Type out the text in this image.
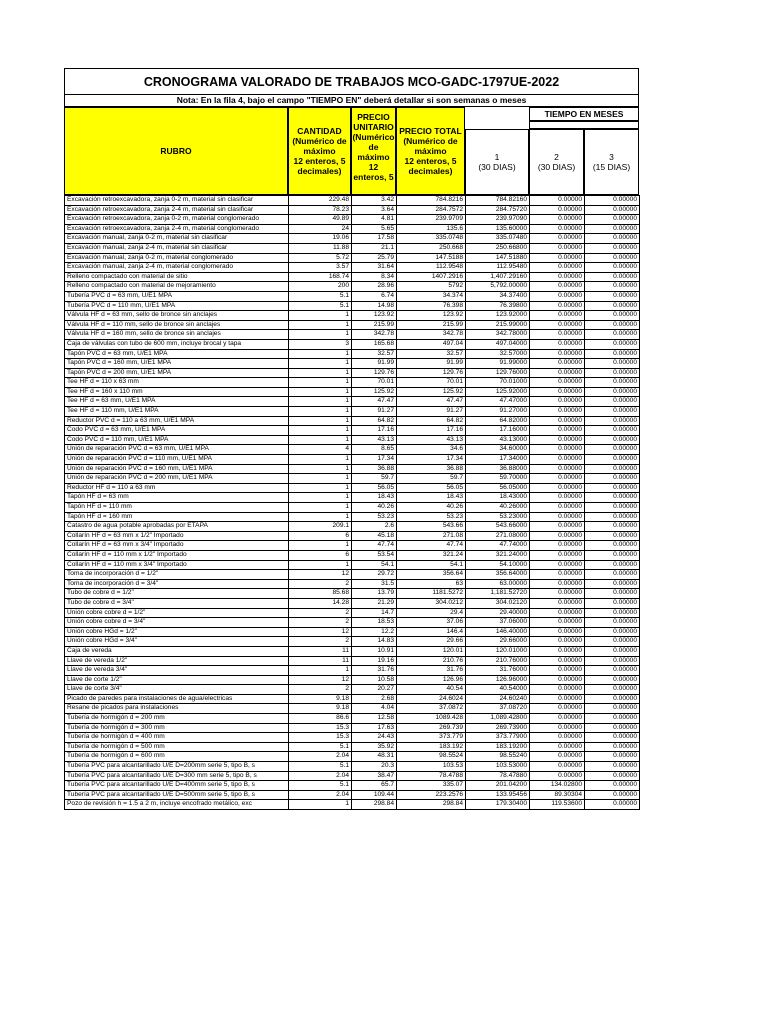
CRONOGRAMA VALORADO DE TRABAJOS MCO-GADC-1797UE-2022
Nota: En la fila 4, bajo el campo "TIEMPO EN" deberá detallar si son semanas o meses
TIEMPO EN MESES
RUBRO
CANTIDAD
(Numérico de
máximo
12 enteros, 5
decimales)
PRECIO
UNITARIO
(Numérico
de
máximo
12
enteros, 5
PRECIO TOTAL
(Numérico de
máximo
12 enteros, 5
decimales)
1
(30 DIAS)
2
(30 DIAS)
3
(15 DIAS)
Excavación retroexcavadora, zanja 0-2 m, material sin clasificar	229.48	3.42	784.8216	784.82160	0.00000	0.00000
Excavación retroexcavadora, zanja 2-4 m, material sin clasificar	78.23	3.64	284.7572	284.75720	0.00000	0.00000
Excavación retroexcavadora, zanja 0-2 m, material conglomerado	49.89	4.81	239.9709	239.97090	0.00000	0.00000
Excavación retroexcavadora, zanja 2-4 m, material conglomerado	24	5.65	135.6	135.60000	0.00000	0.00000
Excavación manual, zanja 0-2 m, material sin clasificar	19.06	17.58	335.0748	335.07480	0.00000	0.00000
Excavación manual, zanja 2-4 m, material sin clasificar	11.88	21.1	250.668	250.66800	0.00000	0.00000
Excavación manual, zanja 0-2 m, material conglomerado	5.72	25.79	147.5188	147.51880	0.00000	0.00000
Excavación manual, zanja 2-4 m, material conglomerado	3.57	31.64	112.9548	112.95480	0.00000	0.00000
Relleno compactado con material de sitio	168.74	8.34	1407.2916	1,407.29160	0.00000	0.00000
Relleno compactado con material de mejoramiento	200	28.96	5792	5,792.00000	0.00000	0.00000
Tubería PVC d = 63 mm, U/E1 MPA	5.1	6.74	34.374	34.37400	0.00000	0.00000
Tubería PVC d = 110 mm, U/E1 MPA	5.1	14.98	76.398	76.39800	0.00000	0.00000
Válvula HF d = 63 mm, sello de bronce sin anclajes	1	123.92	123.92	123.92000	0.00000	0.00000
Válvula HF d = 110 mm, sello de bronce sin anclajes	1	215.99	215.99	215.99000	0.00000	0.00000
Válvula HF d = 160 mm, sello de bronce sin anclajes	1	342.78	342.78	342.78000	0.00000	0.00000
Caja de válvulas con tubo de 600 mm, incluye brocal y tapa	3	165.68	497.04	497.04000	0.00000	0.00000
Tapón PVC d = 63 mm, U/E1 MPA	1	32.57	32.57	32.57000	0.00000	0.00000
Tapón PVC d = 160 mm, U/E1 MPA	1	91.99	91.99	91.99000	0.00000	0.00000
Tapón PVC d = 200 mm, U/E1 MPA	1	129.76	129.76	129.76000	0.00000	0.00000
Tee HF d = 110 x 63 mm	1	70.01	70.01	70.01000	0.00000	0.00000
Tee HF d = 160 x 110 mm	1	125.92	125.92	125.92000	0.00000	0.00000
Tee HF d = 63 mm, U/E1 MPA	1	47.47	47.47	47.47000	0.00000	0.00000
Tee HF d = 110 mm, U/E1 MPA	1	91.27	91.27	91.27000	0.00000	0.00000
Reductor PVC d = 110 a 63 mm, U/E1 MPA	1	64.82	64.82	64.82000	0.00000	0.00000
Codo PVC d = 63 mm, U/E1 MPA	1	17.16	17.16	17.16000	0.00000	0.00000
Codo PVC d = 110 mm, U/E1 MPA	1	43.13	43.13	43.13000	0.00000	0.00000
Unión de reparación PVC d = 63 mm, U/E1 MPA	4	8.65	34.6	34.60000	0.00000	0.00000
Unión de reparación PVC d = 110 mm, U/E1 MPA	1	17.34	17.34	17.34000	0.00000	0.00000
Unión de reparación PVC d = 160 mm, U/E1 MPA	1	36.88	36.88	36.88000	0.00000	0.00000
Unión de reparación PVC d = 200 mm, U/E1 MPA	1	59.7	59.7	59.70000	0.00000	0.00000
Reductor HF d = 110 a 63 mm	1	56.05	56.05	56.05000	0.00000	0.00000
Tapón HF d = 63 mm	1	18.43	18.43	18.43000	0.00000	0.00000
Tapón HF d = 110 mm	1	40.26	40.26	40.26000	0.00000	0.00000
Tapón HF d = 160 mm	1	53.23	53.23	53.23000	0.00000	0.00000
Catastro de agua potable aprobadas por ETAPA	209.1	2.6	543.66	543.66000	0.00000	0.00000
Collarín HF d = 63 mm x 1/2" Importado	6	45.18	271.08	271.08000	0.00000	0.00000
Collarín HF d = 63 mm x 3/4" Importado	1	47.74	47.74	47.74000	0.00000	0.00000
Collarín HF d = 110 mm x 1/2" Importado	6	53.54	321.24	321.24000	0.00000	0.00000
Collarín HF d = 110 mm x 3/4" Importado	1	54.1	54.1	54.10000	0.00000	0.00000
Toma de incorporación d = 1/2"	12	29.72	356.64	356.64000	0.00000	0.00000
Toma de incorporación d = 3/4"	2	31.5	63	63.00000	0.00000	0.00000
Tubo de cobre d = 1/2"	85.68	13.79	1181.5272	1,181.52720	0.00000	0.00000
Tubo de cobre d = 3/4"	14.28	21.29	304.0212	304.02120	0.00000	0.00000
Unión cobre cobre d = 1/2"	2	14.7	29.4	29.40000	0.00000	0.00000
Unión cobre cobre d = 3/4"	2	18.53	37.06	37.06000	0.00000	0.00000
Unión cobre HGd = 1/2"	12	12.2	146.4	146.40000	0.00000	0.00000
Unión cobre HGd = 3/4"	2	14.83	29.66	29.66000	0.00000	0.00000
Caja de vereda	11	10.91	120.01	120.01000	0.00000	0.00000
Llave de vereda 1/2"	11	19.16	210.76	210.76000	0.00000	0.00000
Llave de vereda 3/4"	1	31.76	31.76	31.76000	0.00000	0.00000
Llave de corte 1/2"	12	10.58	126.96	126.96000	0.00000	0.00000
Llave de corte 3/4"	2	20.27	40.54	40.54000	0.00000	0.00000
Picado de paredes para instalaciones de agua/electricas	9.18	2.68	24.6024	24.60240	0.00000	0.00000
Resane de picados para instalaciones	9.18	4.04	37.0872	37.08720	0.00000	0.00000
Tubería de hormigón d = 200 mm	86.6	12.58	1089.428	1,089.42800	0.00000	0.00000
Tubería de hormigón d = 300 mm	15.3	17.63	269.739	269.73900	0.00000	0.00000
Tubería de hormigón d = 400 mm	15.3	24.43	373.779	373.77900	0.00000	0.00000
Tubería de hormigón d = 500 mm	5.1	35.92	183.192	183.19200	0.00000	0.00000
Tubería de hormigón d = 600 mm	2.04	48.31	98.5524	98.55240	0.00000	0.00000
Tubería PVC para alcantarillado U/E D=200mm serie 5, tipo B, s	5.1	20.3	103.53	103.53000	0.00000	0.00000
Tubería PVC para alcantarillado U/E D=300 mm serie 5, tipo B, s	2.04	38.47	78.4788	78.47880	0.00000	0.00000
Tubería PVC para alcantarillado U/E D=400mm serie 5, tipo B, s	5.1	65.7	335.07	201.04200	134.02800	0.00000
Tubería PVC para alcantarillado U/E D=500mm serie 5, tipo B, s	2.04	109.44	223.2576	133.95456	89.30304	0.00000
Pozo de revisión h = 1.5 a 2 m, incluye encofrado metálico, exc	1	298.84	298.84	179.30400	119.53600	0.00000
